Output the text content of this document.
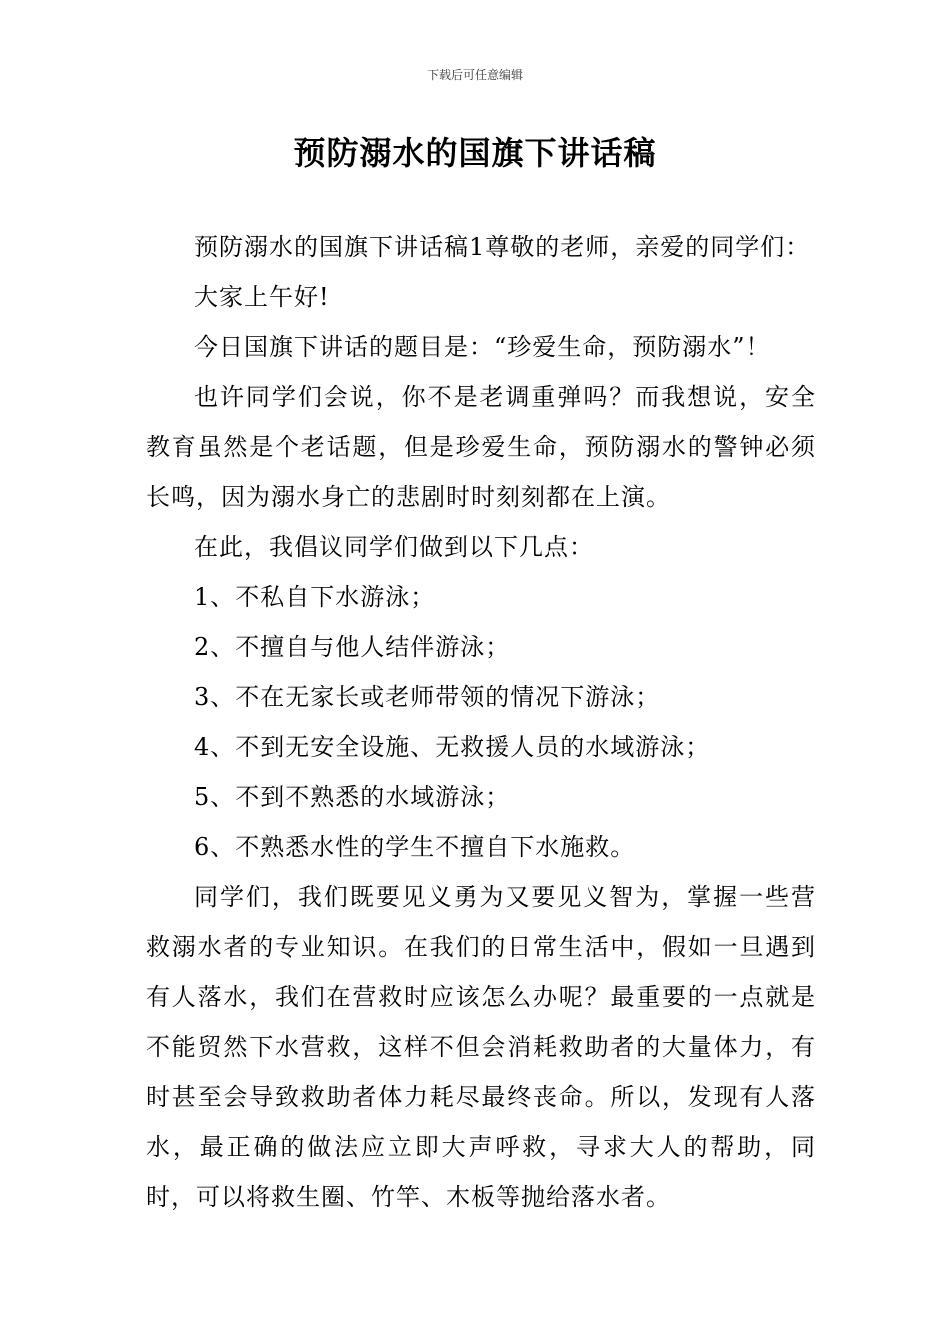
下载后可任意编辑
预防溺水的国旗下讲话稿

预防溺水的国旗下讲话稿1尊敬的老师，亲爱的同学们：

大家上午好!

今日国旗下讲话的题目是：“珍爱生命，预防溺水”！

也许同学们会说，你不是老调重弹吗？而我想说，安全教育虽然是个老话题，但是珍爱生命，预防溺水的警钟必须长鸣，因为溺水身亡的悲剧时时刻刻都在上演。

在此，我倡议同学们做到以下几点：

1、不私自下水游泳；

2、不擅自与他人结伴游泳；

3、不在无家长或老师带领的情况下游泳；

4、不到无安全设施、无救援人员的水域游泳；

5、不到不熟悉的水域游泳；

6、不熟悉水性的学生不擅自下水施救。

同学们，我们既要见义勇为又要见义智为，掌握一些营救溺水者的专业知识。在我们的日常生活中，假如一旦遇到有人落水，我们在营救时应该怎么办呢？最重要的一点就是不能贸然下水营救，这样不但会消耗救助者的大量体力，有时甚至会导致救助者体力耗尽最终丧命。所以，发现有人落水，最正确的做法应立即大声呼救，寻求大人的帮助，同时，可以将救生圈、竹竿、木板等抛给落水者。
